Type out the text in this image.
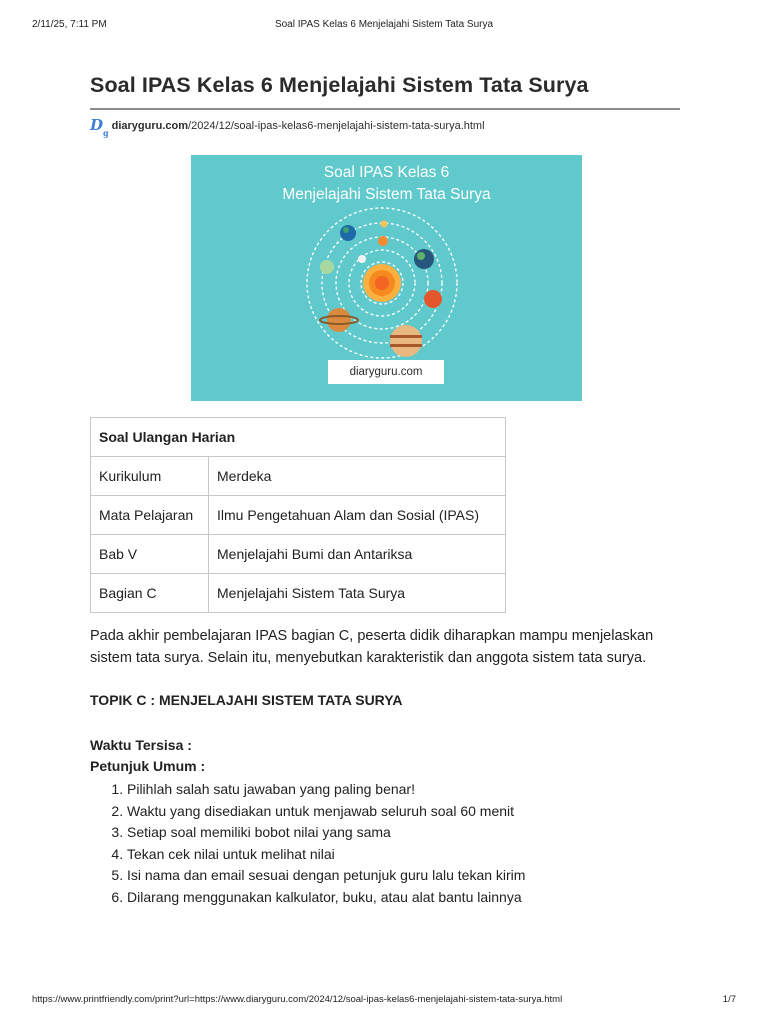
2/11/25, 7:11 PM	Soal IPAS Kelas 6 Menjelajahi Sistem Tata Surya
Soal IPAS Kelas 6 Menjelajahi Sistem Tata Surya
$D_g$
diaryguru.com/2024/12/soal-ipas-kelas6-menjelajahi-sistem-tata-surya.html
Soal IPAS Kelas 6
Menjelajahi Sistem Tata Surya
diaryguru.com
Soal Ulangan Harian	
Kurikulum	Merdeka
Mata Pelajaran	Ilmu Pengetahuan Alam dan Sosial (IPAS)
Bab V	Menjelajahi Bumi dan Antariksa
Bagian C	Menjelajahi Sistem Tata Surya

Pada akhir pembelajaran IPAS bagian C, peserta didik diharapkan mampu menjelaskan sistem tata surya. Selain itu, menyebutkan karakteristik dan anggota sistem tata surya.

TOPIK C : MENJELAJAHI SISTEM TATA SURYA

Waktu Tersisa :
Petunjuk Umum :
1. Pilihlah salah satu jawaban yang paling benar!
2. Waktu yang disediakan untuk menjawab seluruh soal 60 menit
3. Setiap soal memiliki bobot nilai yang sama
4. Tekan cek nilai untuk melihat nilai
5. Isi nama dan email sesuai dengan petunjuk guru lalu tekan kirim
6. Dilarang menggunakan kalkulator, buku, atau alat bantu lainnya
https://www.printfriendly.com/print?url=https://www.diaryguru.com/2024/12/soal-ipas-kelas6-menjelajahi-sistem-tata-surya.html	1/7
